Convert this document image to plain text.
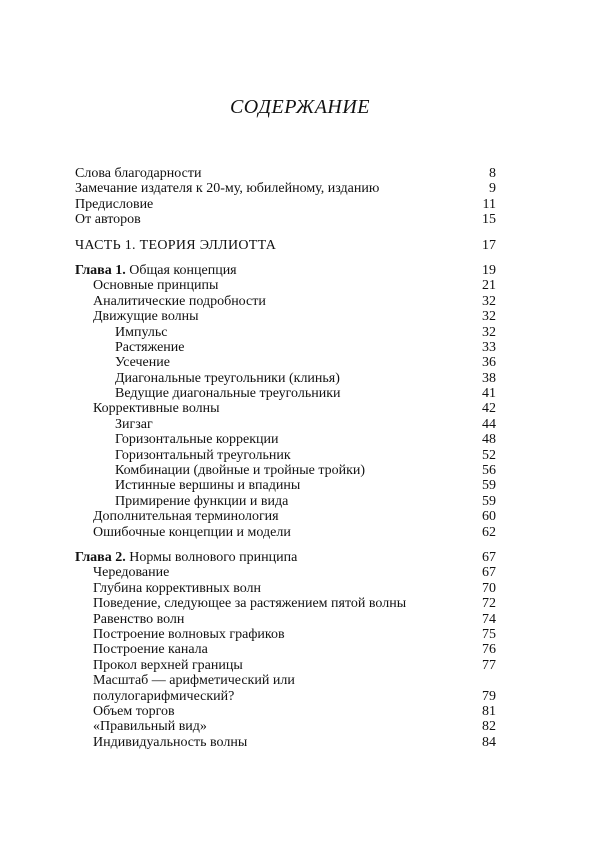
СОДЕРЖАНИЕ
Слова благодарности	8
Замечание издателя к 20-му, юбилейному, изданию	9
Предисловие	11
От авторов	15
ЧАСТЬ 1. ТЕОРИЯ ЭЛЛИОТТА	17
Глава 1. Общая концепция	19
Основные принципы	21
Аналитические подробности	32
Движущие волны	32
Импульс	32
Растяжение	33
Усечение	36
Диагональные треугольники (клинья)	38
Ведущие диагональные треугольники	41
Коррективные волны	42
Зигзаг	44
Горизонтальные коррекции	48
Горизонтальный треугольник	52
Комбинации (двойные и тройные тройки)	56
Истинные вершины и впадины	59
Примирение функции и вида	59
Дополнительная терминология	60
Ошибочные концепции и модели	62
Глава 2. Нормы волнового принципа	67
Чередование	67
Глубина коррективных волн	70
Поведение, следующее за растяжением пятой волны	72
Равенство волн	74
Построение волновых графиков	75
Построение канала	76
Прокол верхней границы	77
Масштаб — арифметический или
полулогарифмический?	79
Объем торгов	81
«Правильный вид»	82
Индивидуальность волны	84
